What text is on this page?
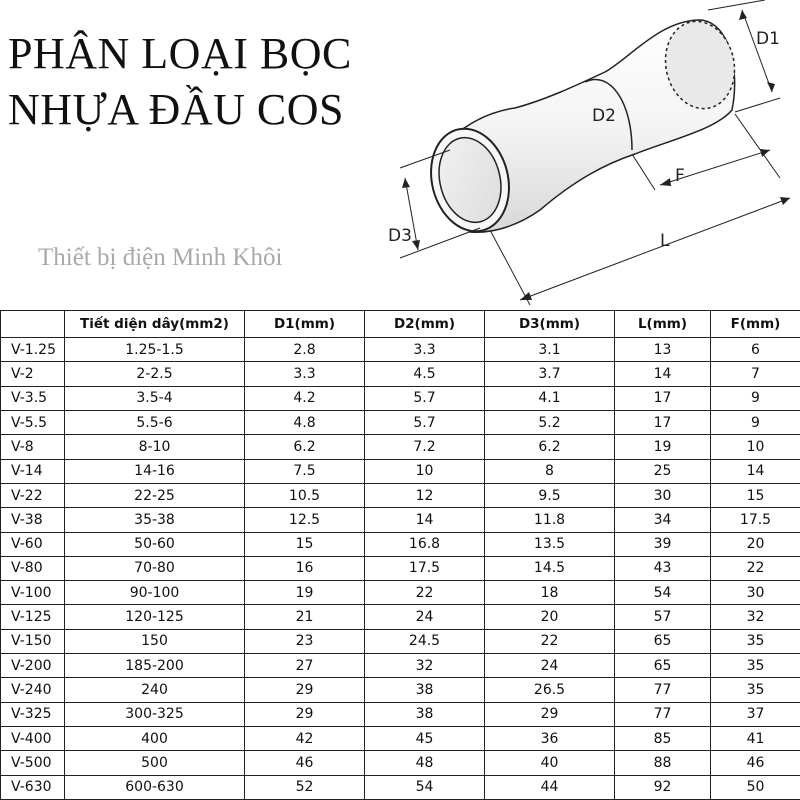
PHÂN LOẠI BỌC
NHỰA ĐẦU COS
Thiết bị điện Minh Khôi
D1
D2
F
D3	L
	Tiết diện dây(mm2)	D1(mm)	D2(mm)	D3(mm)	L(mm)	F(mm)
V-1.25	1.25-1.5	2.8	3.3	3.1	13	6
V-2	2-2.5	3.3	4.5	3.7	14	7
V-3.5	3.5-4	4.2	5.7	4.1	17	9
V-5.5	5.5-6	4.8	5.7	5.2	17	9
V-8	8-10	6.2	7.2	6.2	19	10
V-14	14-16	7.5	10	8	25	14
V-22	22-25	10.5	12	9.5	30	15
V-38	35-38	12.5	14	11.8	34	17.5
V-60	50-60	15	16.8	13.5	39	20
V-80	70-80	16	17.5	14.5	43	22
V-100	90-100	19	22	18	54	30
V-125	120-125	21	24	20	57	32
V-150	150	23	24.5	22	65	35
V-200	185-200	27	32	24	65	35
V-240	240	29	38	26.5	77	35
V-325	300-325	29	38	29	77	37
V-400	400	42	45	36	85	41
V-500	500	46	48	40	88	46
V-630	600-630	52	54	44	92	50
